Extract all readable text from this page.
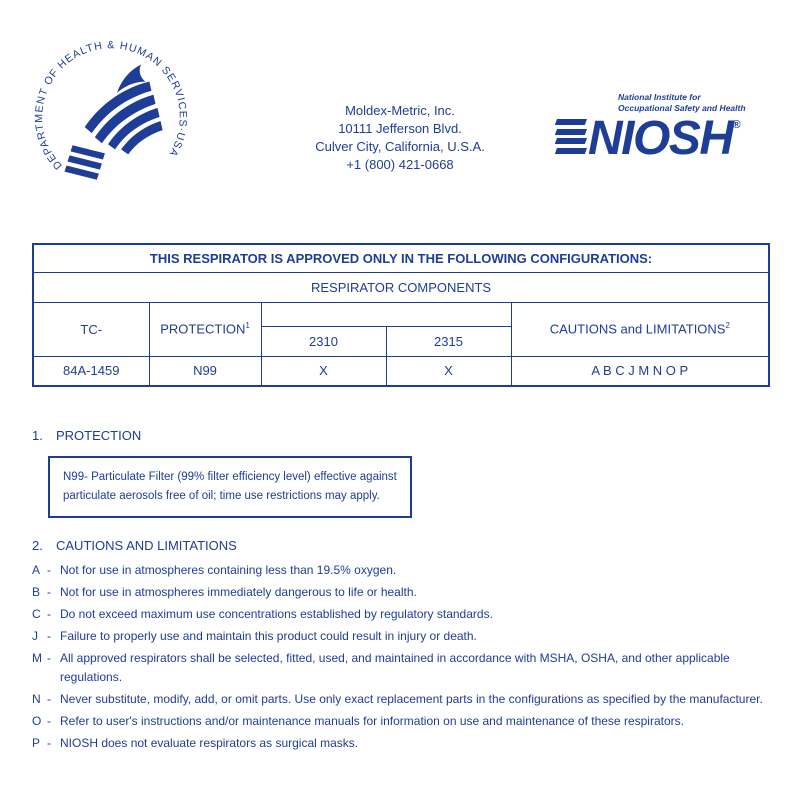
DEPARTMENT OF HEALTH & HUMAN SERVICES·USA
Moldex-Metric, Inc.
10111 Jefferson Blvd.
Culver City, California, U.S.A.
+1 (800) 421-0668
National Institute for
Occupational Safety and Health
NIOSH ®
THIS RESPIRATOR IS APPROVED ONLY IN THE FOLLOWING CONFIGURATIONS:				
RESPIRATOR COMPONENTS				
TC-	PROTECTION$^1$			CAUTIONS and LIMITATIONS$^2$
		2310	2315	
84A-1459	N99	X	X	A B C J M N O P
1.	PROTECTION
N99- Particulate Filter (99% filter efficiency level) effective against
particulate aerosols free of oil; time use restrictions may apply.
2.	CAUTIONS AND LIMITATIONS
A - Not for use in atmospheres containing less than 19.5% oxygen.
B - Not for use in atmospheres immediately dangerous to life or health.
C - Do not exceed maximum use concentrations established by regulatory standards.
J - Failure to properly use and maintain this product could result in injury or death.
M - All approved respirators shall be selected, fitted, used, and maintained in accordance with MSHA, OSHA, and other applicable regulations.
N - Never substitute, modify, add, or omit parts. Use only exact replacement parts in the configurations as specified by the manufacturer.
O - Refer to user's instructions and/or maintenance manuals for information on use and maintenance of these respirators.
P - NIOSH does not evaluate respirators as surgical masks.
